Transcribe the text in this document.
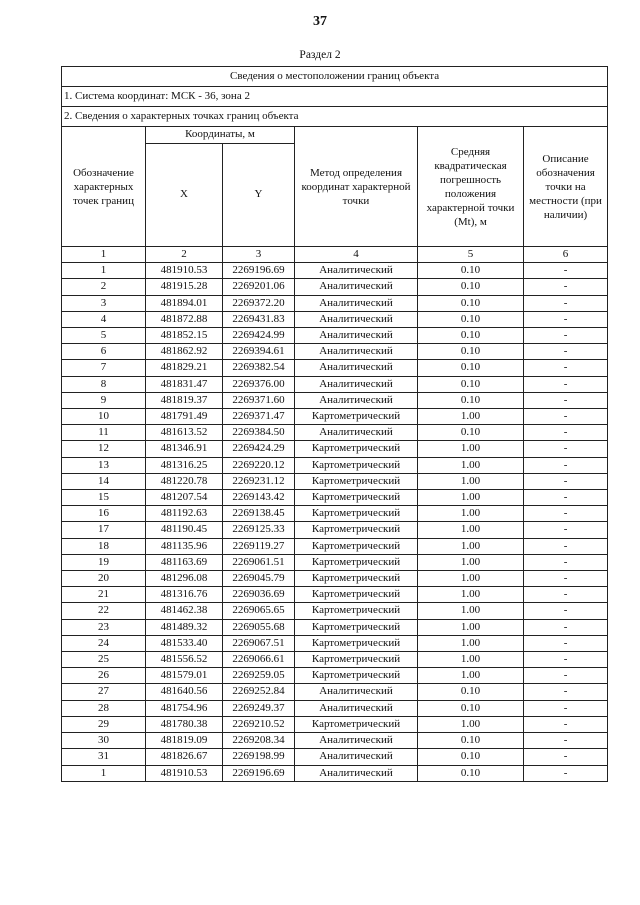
37
Раздел 2
Сведения о местоположении границ объекта					
1. Система координат: МСК - 36, зона 2					
2. Сведения о характерных точках границ объекта					
Обозначение характерных точек границ	Координаты, м		Метод определения координат характерной точки	Средняя квадратическая погрешность положения характерной точки (Mt), м	Описание обозначения точки на местности (при наличии)
	X	Y			
1	2	3	4	5	6
1	481910.53	2269196.69	Аналитический	0.10	-
2	481915.28	2269201.06	Аналитический	0.10	-
3	481894.01	2269372.20	Аналитический	0.10	-
4	481872.88	2269431.83	Аналитический	0.10	-
5	481852.15	2269424.99	Аналитический	0.10	-
6	481862.92	2269394.61	Аналитический	0.10	-
7	481829.21	2269382.54	Аналитический	0.10	-
8	481831.47	2269376.00	Аналитический	0.10	-
9	481819.37	2269371.60	Аналитический	0.10	-
10	481791.49	2269371.47	Картометрический	1.00	-
11	481613.52	2269384.50	Аналитический	0.10	-
12	481346.91	2269424.29	Картометрический	1.00	-
13	481316.25	2269220.12	Картометрический	1.00	-
14	481220.78	2269231.12	Картометрический	1.00	-
15	481207.54	2269143.42	Картометрический	1.00	-
16	481192.63	2269138.45	Картометрический	1.00	-
17	481190.45	2269125.33	Картометрический	1.00	-
18	481135.96	2269119.27	Картометрический	1.00	-
19	481163.69	2269061.51	Картометрический	1.00	-
20	481296.08	2269045.79	Картометрический	1.00	-
21	481316.76	2269036.69	Картометрический	1.00	-
22	481462.38	2269065.65	Картометрический	1.00	-
23	481489.32	2269055.68	Картометрический	1.00	-
24	481533.40	2269067.51	Картометрический	1.00	-
25	481556.52	2269066.61	Картометрический	1.00	-
26	481579.01	2269259.05	Картометрический	1.00	-
27	481640.56	2269252.84	Аналитический	0.10	-
28	481754.96	2269249.37	Аналитический	0.10	-
29	481780.38	2269210.52	Картометрический	1.00	-
30	481819.09	2269208.34	Аналитический	0.10	-
31	481826.67	2269198.99	Аналитический	0.10	-
1	481910.53	2269196.69	Аналитический	0.10	-
